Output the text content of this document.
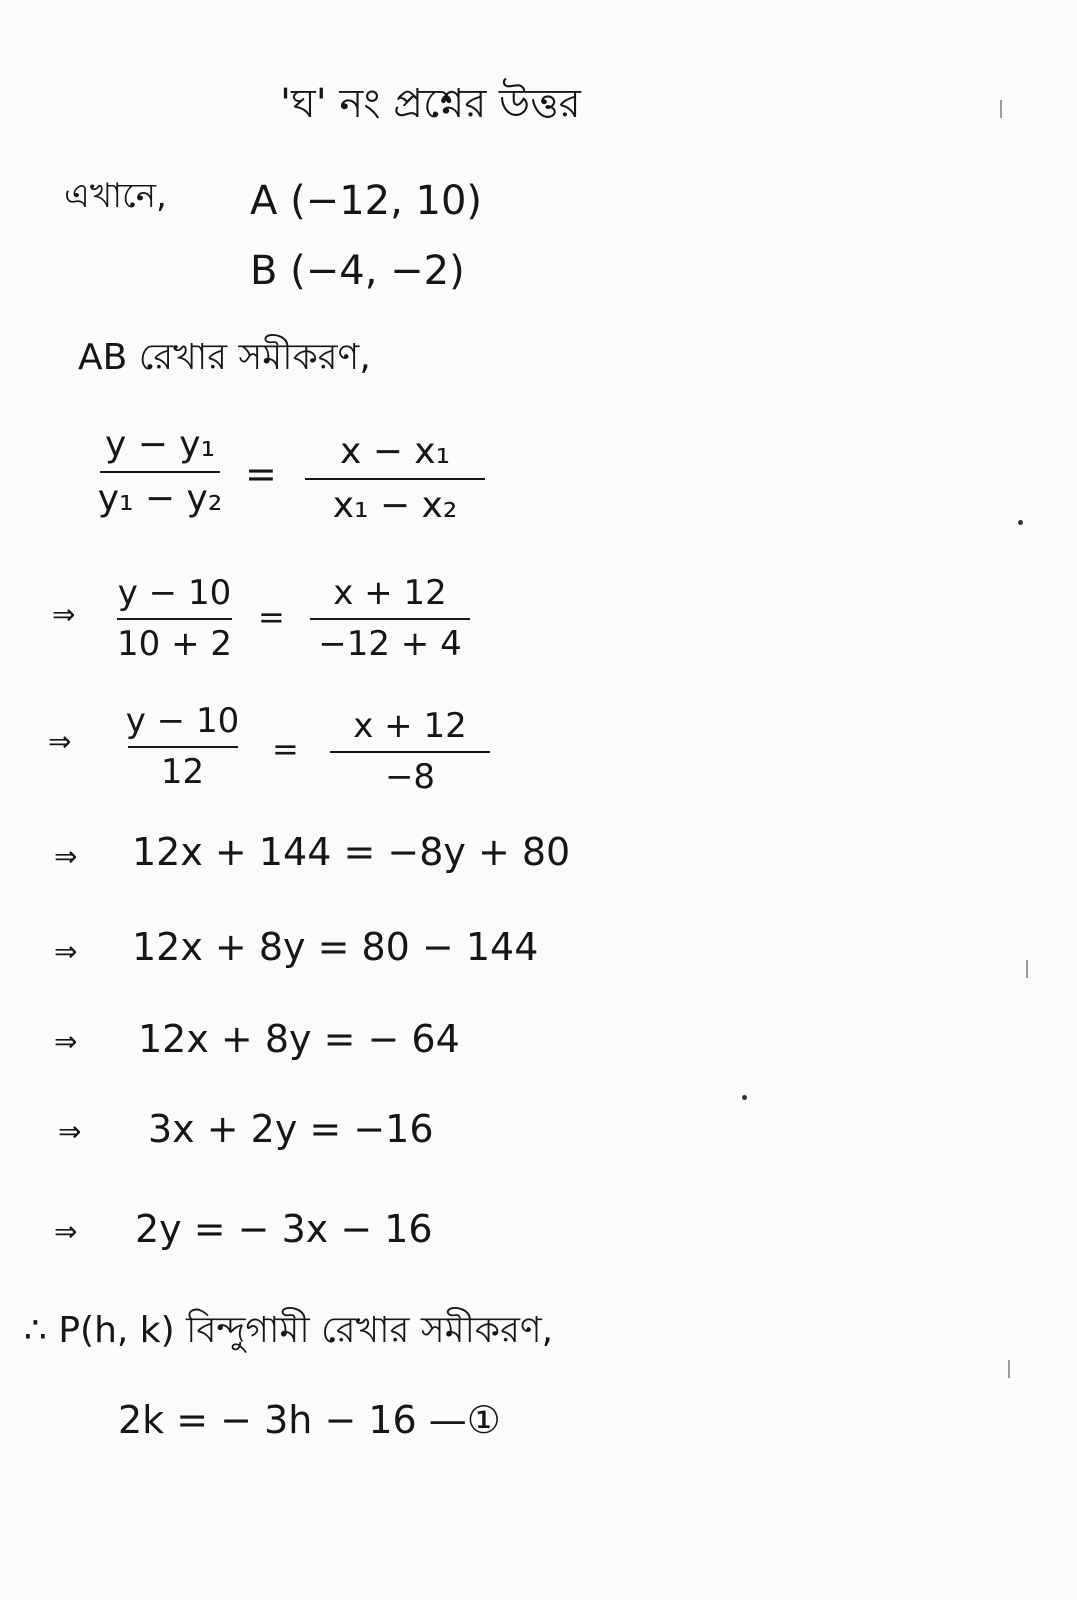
'ঘ' নং প্রশ্নের উত্তর
এখানে, A (−12, 10)
B (−4, −2)
AB রেখার সমীকরণ,
y − y₁
y₁ − y₂
=
x − x₁
x₁ − x₂
⇒
y − 10
10 + 2
=
x + 12
−12 + 4
⇒
y − 10
12
=
x + 12
−8
⇒ 12x + 144 = −8y + 80
⇒ 12x + 8y = 80 − 144
⇒ 12x + 8y = − 64
⇒ 3x + 2y = −16
⇒ 2y = − 3x − 16
∴ P(h, k) বিন্দুগামী রেখার সমীকরণ,
2k = − 3h − 16 —①
